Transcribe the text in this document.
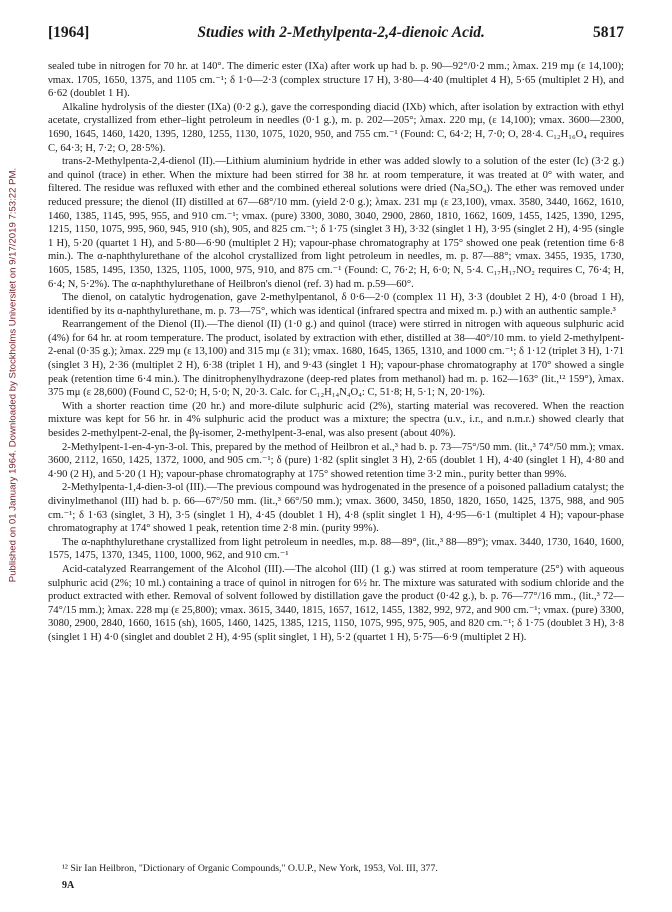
[1964]	Studies with 2-Methylpenta-2,4-dienoic Acid.	5817
Published on 01 January 1964. Downloaded by Stockholms Universitet on 9/17/2019 7:53:22 PM.

sealed tube in nitrogen for 70 hr. at 140°. The dimeric ester (IXa) after work up had b. p. 90—92°/0·2 mm.; λmax. 219 mμ (ε 14,100); νmax. 1705, 1650, 1375, and 1105 cm.⁻¹; δ 1·0—2·3 (complex structure 17 H), 3·80—4·40 (multiplet 4 H), 5·65 (multiplet 2 H), and 6·62 (doublet 1 H).

Alkaline hydrolysis of the diester (IXa) (0·2 g.), gave the corresponding diacid (IXb) which, after isolation by extraction with ethyl acetate, crystallized from ether–light petroleum in needles (0·1 g.), m. p. 202—205°; λmax. 220 mμ, (ε 14,100); νmax. 3600—2300, 1690, 1645, 1460, 1420, 1395, 1280, 1255, 1130, 1075, 1020, 950, and 755 cm.⁻¹ (Found: C, 64·2; H, 7·0; O, 28·4. C₁₂H₁₆O₄ requires C, 64·3; H, 7·2; O, 28·5%).

trans-2-Methylpenta-2,4-dienol (II).—Lithium aluminium hydride in ether was added slowly to a solution of the ester (Ic) (3·2 g.) and quinol (trace) in ether. When the mixture had been stirred for 38 hr. at room temperature, it was treated at 0° with water, and filtered. The residue was refluxed with ether and the combined ethereal solutions were dried (Na₂SO₄). The ether was removed under reduced pressure; the dienol (II) distilled at 67—68°/10 mm. (yield 2·0 g.); λmax. 231 mμ (ε 23,100), νmax. 3580, 3440, 1662, 1610, 1460, 1385, 1145, 995, 955, and 910 cm.⁻¹; νmax. (pure) 3300, 3080, 3040, 2900, 2860, 1810, 1662, 1609, 1455, 1425, 1390, 1295, 1215, 1150, 1075, 995, 960, 945, 910 (sh), 905, and 825 cm.⁻¹; δ 1·75 (singlet 3 H), 3·32 (singlet 1 H), 3·95 (singlet 2 H), 4·95 (single 1 H), 5·20 (quartet 1 H), and 5·80—6·90 (multiplet 2 H); vapour-phase chromatography at 175° showed one peak (retention time 6·8 min.). The α-naphthylurethane of the alcohol crystallized from light petroleum in needles, m. p. 87—88°; νmax. 3455, 1935, 1730, 1605, 1585, 1495, 1350, 1325, 1105, 1000, 975, 910, and 875 cm.⁻¹ (Found: C, 76·2; H, 6·0; N, 5·4. C₁₇H₁₇NO₂ requires C, 76·4; H, 6·4; N, 5·2%). The α-naphthylurethane of Heilbron's dienol (ref. 3) had m. p.59—60°.

The dienol, on catalytic hydrogenation, gave 2-methylpentanol, δ 0·6—2·0 (complex 11 H), 3·3 (doublet 2 H), 4·0 (broad 1 H), identified by its α-naphthylurethane, m. p. 73—75°, which was identical (infrared spectra and mixed m. p.) with an authentic sample.³

Rearrangement of the Dienol (II).—The dienol (II) (1·0 g.) and quinol (trace) were stirred in nitrogen with aqueous sulphuric acid (4%) for 64 hr. at room temperature. The product, isolated by extraction with ether, distilled at 38—40°/10 mm. to yield 2-methylpent-2-enal (0·35 g.); λmax. 229 mμ (ε 13,100) and 315 mμ (ε 31); νmax. 1680, 1645, 1365, 1310, and 1000 cm.⁻¹; δ 1·12 (triplet 3 H), 1·71 (singlet 3 H), 2·36 (multiplet 2 H), 6·38 (triplet 1 H), and 9·43 (singlet 1 H); vapour-phase chromatography at 170° showed a single peak (retention time 6·4 min.). The dinitrophenylhydrazone (deep-red plates from methanol) had m. p. 162—163° (lit.,¹² 159°), λmax. 375 mμ (ε 28,600) (Found C, 52·0; H, 5·0; N, 20·3. Calc. for C₁₂H₁₄N₄O₄: C, 51·8; H, 5·1; N, 20·1%).

With a shorter reaction time (20 hr.) and more-dilute sulphuric acid (2%), starting material was recovered. When the reaction mixture was kept for 56 hr. in 4% sulphuric acid the product was a mixture; the spectra (u.v., i.r., and n.m.r.) showed clearly that besides 2-methylpent-2-enal, the βγ-isomer, 2-methylpent-3-enal, was also present (about 40%).

2-Methylpent-1-en-4-yn-3-ol. This, prepared by the method of Heilbron et al.,³ had b. p. 73—75°/50 mm. (lit.,³ 74°/50 mm.); νmax. 3600, 2112, 1650, 1425, 1372, 1000, and 905 cm.⁻¹; δ (pure) 1·82 (split singlet 3 H), 2·65 (doublet 1 H), 4·40 (singlet 1 H), 4·80 and 4·90 (2 H), and 5·20 (1 H); vapour-phase chromatography at 175° showed retention time 3·2 min., purity better than 99%.

2-Methylpenta-1,4-dien-3-ol (III).—The previous compound was hydrogenated in the presence of a poisoned palladium catalyst; the divinylmethanol (III) had b. p. 66—67°/50 mm. (lit.,³ 66°/50 mm.); νmax. 3600, 3450, 1850, 1820, 1650, 1425, 1375, 988, and 905 cm.⁻¹; δ 1·63 (singlet, 3 H), 3·5 (singlet 1 H), 4·45 (doublet 1 H), 4·8 (split singlet 1 H), 4·95—6·1 (multiplet 4 H); vapour-phase chromatography at 174° showed 1 peak, retention time 2·8 min. (purity 99%).

The α-naphthylurethane crystallized from light petroleum in needles, m.p. 88—89°, (lit.,³ 88—89°); νmax. 3440, 1730, 1640, 1600, 1575, 1475, 1370, 1345, 1100, 1000, 962, and 910 cm.⁻¹

Acid-catalyzed Rearrangement of the Alcohol (III).—The alcohol (III) (1 g.) was stirred at room temperature (25°) with aqueous sulphuric acid (2%; 10 ml.) containing a trace of quinol in nitrogen for 6½ hr. The mixture was saturated with sodium chloride and the product extracted with ether. Removal of solvent followed by distillation gave the product (0·42 g.), b. p. 76—77°/16 mm., (lit.,³ 72—74°/15 mm.); λmax. 228 mμ (ε 25,800); νmax. 3615, 3440, 1815, 1657, 1612, 1455, 1382, 992, 972, and 900 cm.⁻¹; νmax. (pure) 3300, 3080, 2900, 2840, 1660, 1615 (sh), 1605, 1460, 1425, 1385, 1215, 1150, 1075, 995, 975, 905, and 820 cm.⁻¹; δ 1·75 (doublet 3 H), 3·8 (singlet 1 H) 4·0 (singlet and doublet 2 H), 4·95 (split singlet, 1 H), 5·2 (quartet 1 H), 5·75—6·9 (multiplet 2 H).

¹² Sir Ian Heilbron, "Dictionary of Organic Compounds," O.U.P., New York, 1953, Vol. III, 377.

9A
